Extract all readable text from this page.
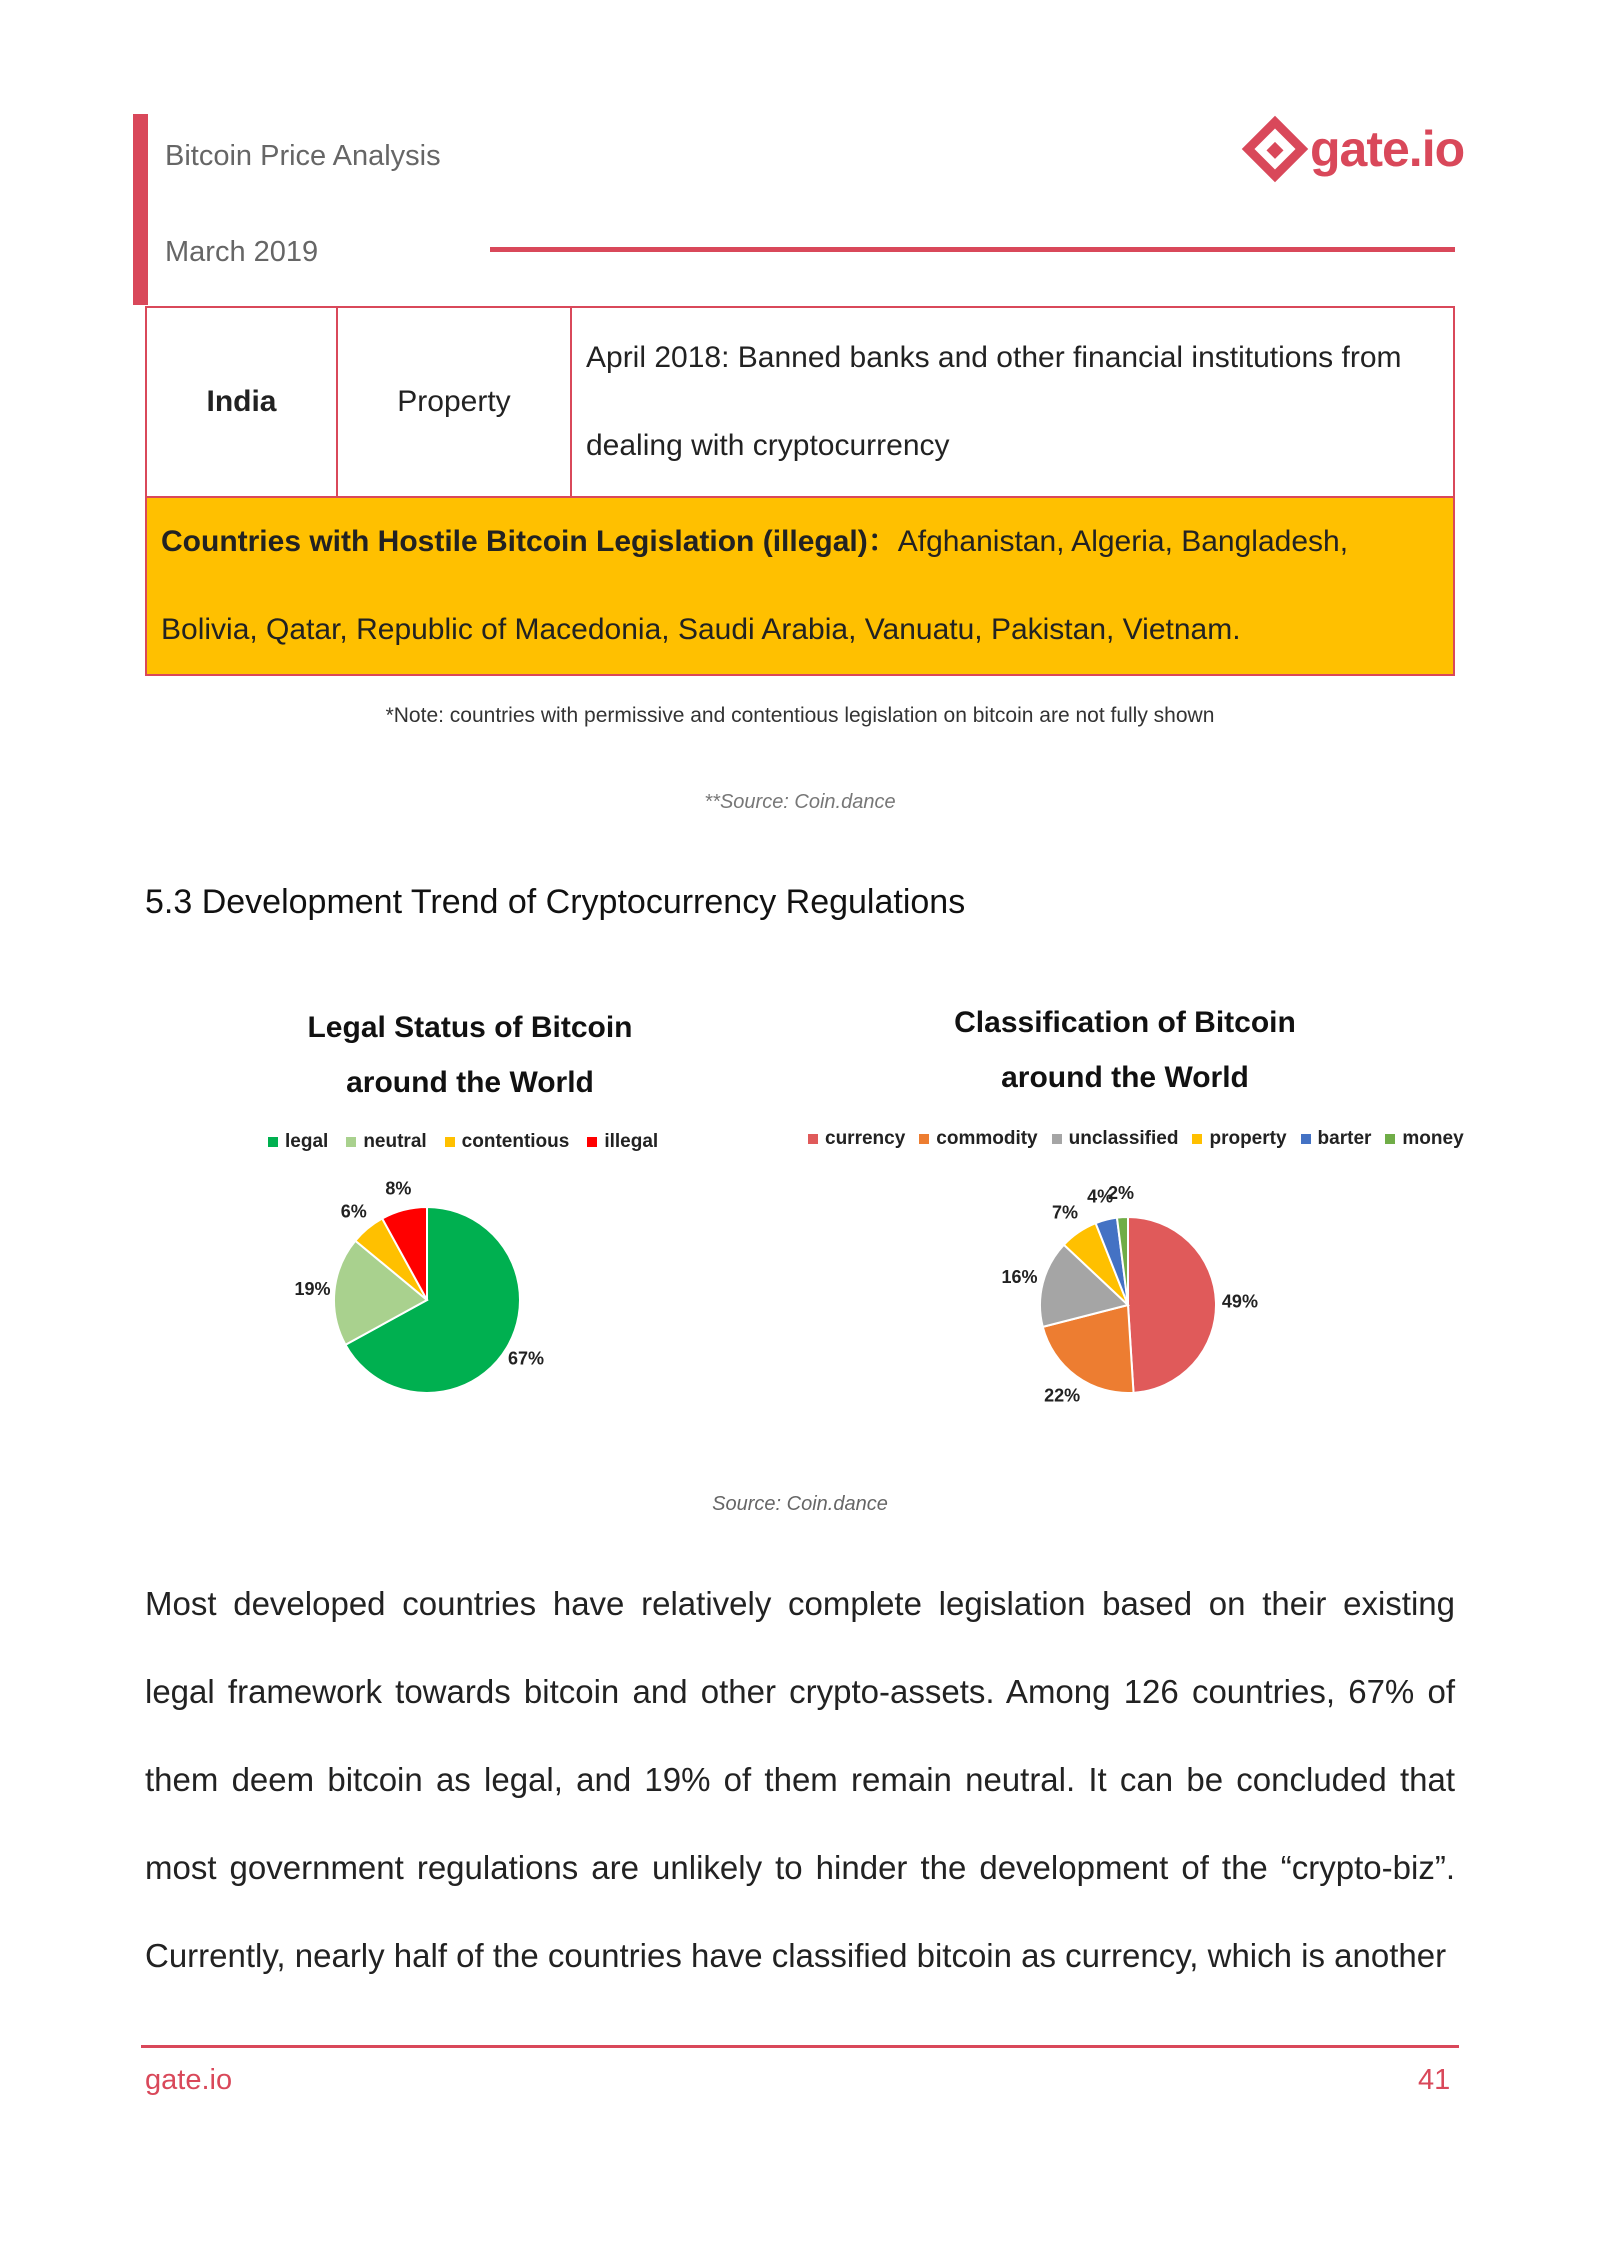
Bitcoin Price Analysis
March 2019
gate.io
India	Property	April 2018: Banned banks and other financial institutions from dealing with cryptocurrency
Countries with Hostile Bitcoin Legislation (illegal)：Afghanistan, Algeria, Bangladesh, Bolivia, Qatar, Republic of Macedonia, Saudi Arabia, Vanuatu, Pakistan, Vietnam.
*Note: countries with permissive and contentious legislation on bitcoin are not fully shown
**Source: Coin.dance
5.3 Development Trend of Cryptocurrency Regulations
Legal Status of Bitcoin
around the World
legal neutral contentious illegal
67%
19%
6%
8%
Classification of Bitcoin
around the World
currency commodity unclassified property barter money
49%
22%
16%
7%
4%
2%
Source: Coin.dance
Most developed countries have relatively complete legislation based on their existing legal framework towards bitcoin and other crypto-assets. Among 126 countries, 67% of them deem bitcoin as legal, and 19% of them remain neutral. It can be concluded that most government regulations are unlikely to hinder the development of the “crypto-biz”. Currently, nearly half of the countries have classified bitcoin as currency, which is another
gate.io	41
